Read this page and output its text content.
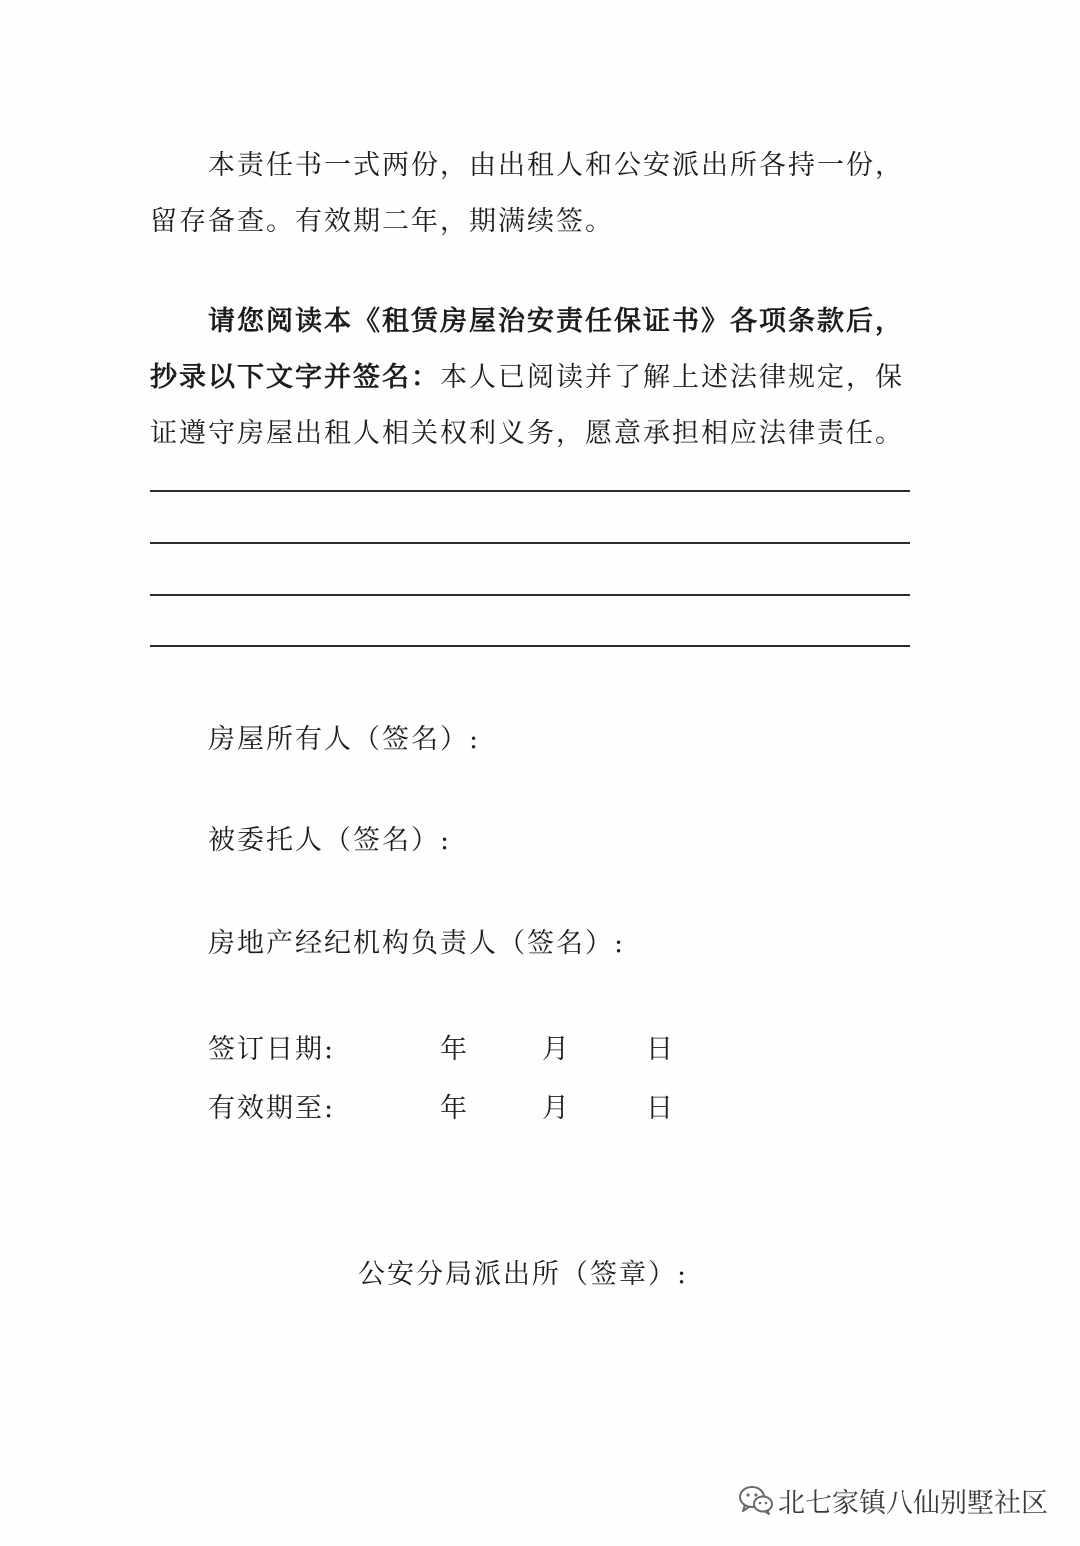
本责任书一式两份，由出租人和公安派出所各持一份，留存备查。有效期二年，期满续签。

请您阅读本《租赁房屋治安责任保证书》各项条款后，抄录以下文字并签名：本人已阅读并了解上述法律规定，保证遵守房屋出租人相关权利义务，愿意承担相应法律责任。

房屋所有人（签名）:
被委托人（签名）:
房地产经纪机构负责人（签名）:
签订日期:	年	月	日
有效期至:	年	月	日
公安分局派出所（签章）:
北七家镇八仙别墅社区
